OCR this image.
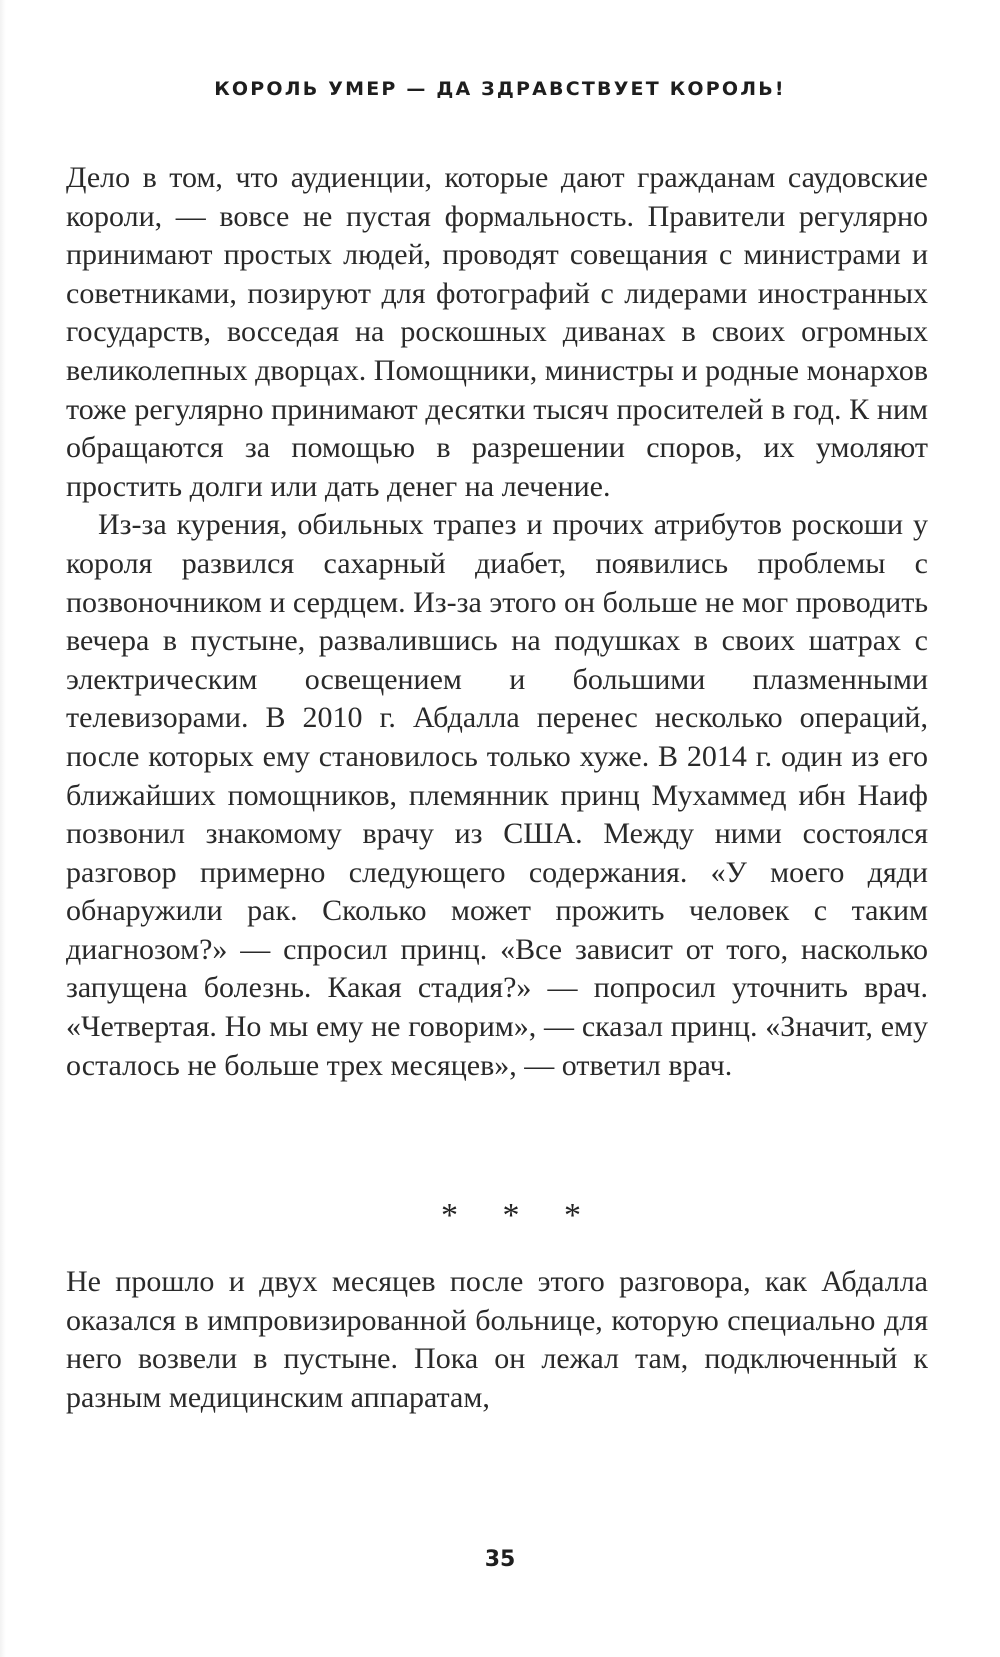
КОРОЛЬ УМЕР — ДА ЗДРАВСТВУЕТ КОРОЛЬ!

Дело в том, что аудиенции, которые дают гражданам саудовские короли, — вовсе не пустая формальность. Правители регулярно принимают простых людей, проводят совещания с министрами и советниками, позируют для фотографий с лидерами иностранных государств, восседая на роскошных диванах в своих огромных великолепных дворцах. Помощники, министры и родные монархов тоже регулярно принимают десятки тысяч просителей в год. К ним обращаются за помощью в разрешении споров, их умоляют простить долги или дать денег на лечение.

Из-за курения, обильных трапез и прочих атрибутов роскоши у короля развился сахарный диабет, появились проблемы с позвоночником и сердцем. Из-за этого он больше не мог проводить вечера в пустыне, развалившись на подушках в своих шатрах с электрическим освещением и большими плазменными телевизорами. В 2010 г. Абдалла перенес несколько операций, после которых ему становилось только хуже. В 2014 г. один из его ближайших помощников, племянник принц Мухаммед ибн Наиф позвонил знакомому врачу из США. Между ними состоялся разговор примерно следующего содержания. «У моего дяди обнаружили рак. Сколько может прожить человек с таким диагнозом?» — спросил принц. «Все зависит от того, насколько запущена болезнь. Какая стадия?» — попросил уточнить врач. «Четвертая. Но мы ему не говорим», — сказал принц. «Значит, ему осталось не больше трех месяцев», — ответил врач.

* * *

Не прошло и двух месяцев после этого разговора, как Абдалла оказался в импровизированной больнице, которую специально для него возвели в пустыне. Пока он лежал там, подключенный к разным медицинским аппаратам,

35
